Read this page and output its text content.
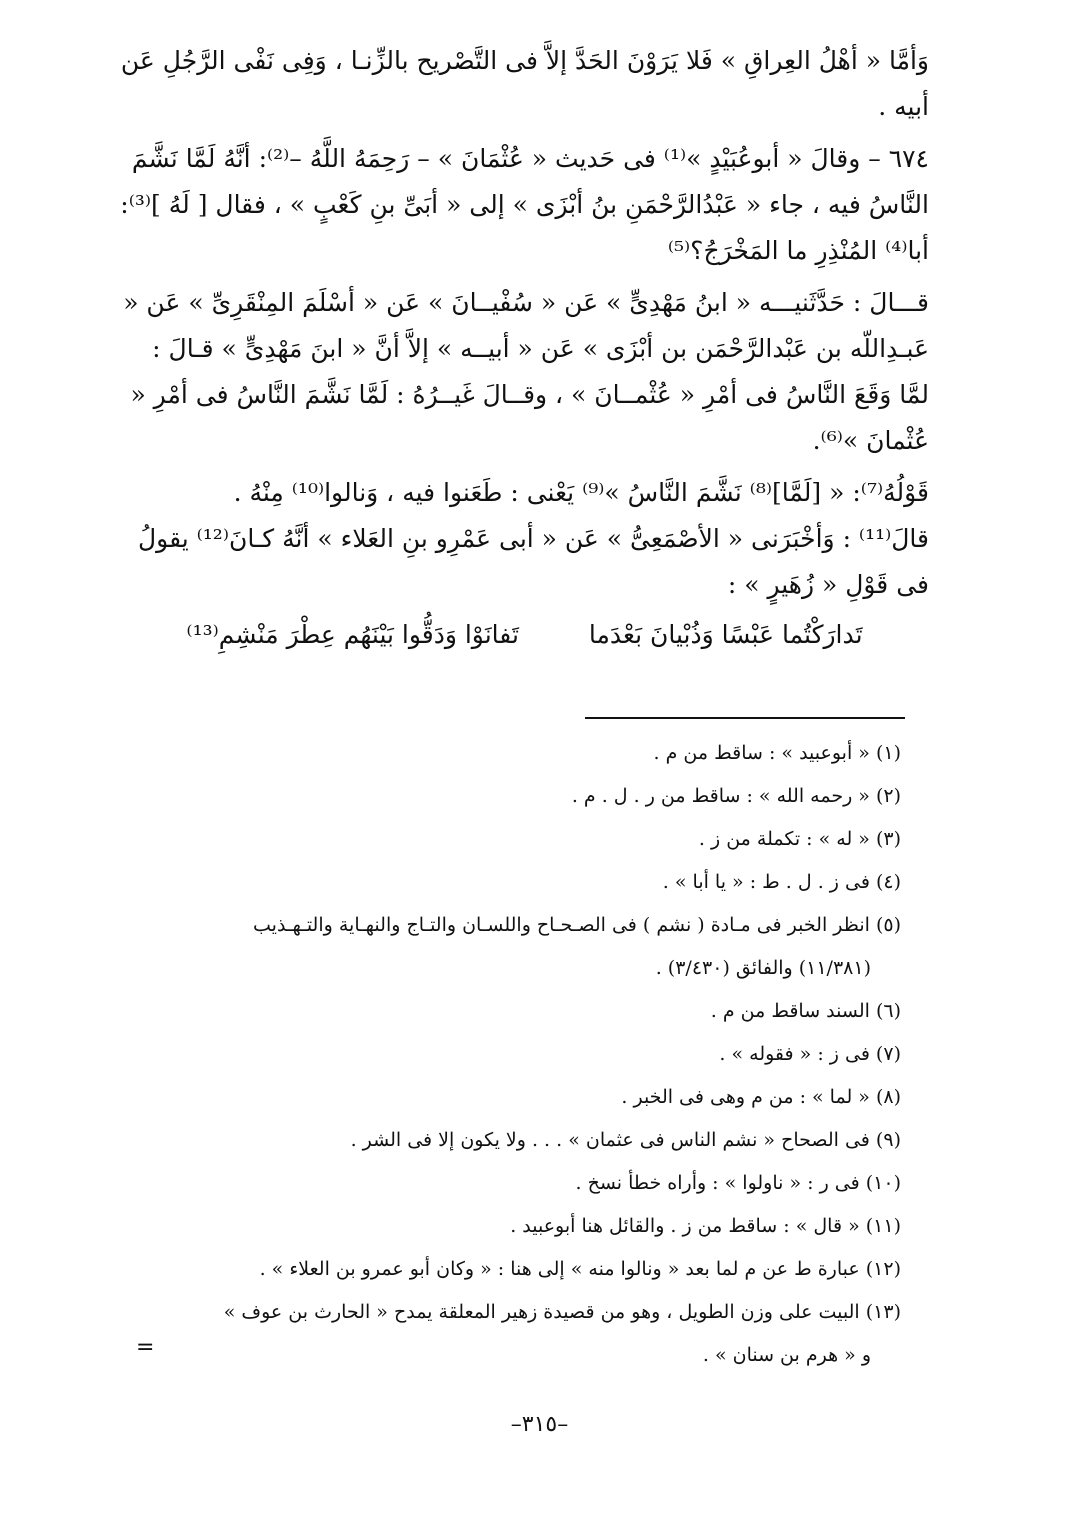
وَأمَّا « أهْلُ العِراقِ » فَلا يَرَوْنَ الحَدَّ إلاَّ فى التَّصْريح بالزِّنـا ، وَفِى نَفْى الرَّجُلِ عَن أبيه .

٦٧٤ – وقالَ « أبوعُبَيْدٍ »⁽¹⁾ فى حَديث « عُثْمَانَ » – رَحِمَهُ اللَّهُ –⁽²⁾: أنَّهُ لَمَّا نَشَّمَ النَّاسُ فيه ، جاء « عَبْدُالرَّحْمَنِ بنُ أبْزَى » إلى « أبَىِّ بنِ كَعْبٍ » ، فقال [ لَهُ ]⁽³⁾: أبا⁽⁴⁾ المُنْذِرِ ما المَخْرَجُ؟⁽⁵⁾

قـــالَ : حَدَّثَنيـــه « ابنُ مَهْدِىٍّ » عَن « سُفْيــانَ » عَن « أسْلَمَ المِنْقَرِىِّ » عَن « عَبـدِاللّه بن عَبْدالرَّحْمَن بن أبْزَى » عَن « أبيــه » إلاَّ أنَّ « ابنَ مَهْدِىٍّ » قـالَ : لمَّا وَقَعَ النَّاسُ فى أمْرِ « عُثْمــانَ » ، وقــالَ غَيــرُهُ : لَمَّا نَشَّمَ النَّاسُ فى أمْرِ « عُثْمانَ »⁽⁶⁾.

قَوْلُهُ⁽⁷⁾: « [لَمَّا]⁽⁸⁾ نَشَّمَ النَّاسُ »⁽⁹⁾ يَعْنى : طَعَنوا فيه ، وَنالوا⁽¹⁰⁾ مِنْهُ .

قالَ⁽¹¹⁾ : وَأخْبَرَنى « الأصْمَعِىُّ » عَن « أبى عَمْرِو بنِ العَلاء » أنَّهُ كـانَ⁽¹²⁾ يقولُ فى قَوْلِ « زُهَيرٍ » :

تَدارَكْتُما عَبْسًا وَذُبْيانَ بَعْدَما
تَفانَوْا وَدَقُّوا بَيْنَهُم عِطْرَ مَنْشِمِ⁽¹³⁾

(١) « أبوعبيد » : ساقط من م .

(٢) « رحمه الله » : ساقط من ر . ل . م .

(٣) « له » : تكملة من ز .

(٤) فى ز . ل . ط : « يا أبا » .

(٥) انظر الخبر فى مـادة ( نشم ) فى الصـحـاح واللسـان والتـاج والنهـاية والتـهـذيب

(١١/٣٨١) والفائق (٣/٤٣٠) .

(٦) السند ساقط من م .

(٧) فى ز : « فقوله » .

(٨) « لما » : من م وهى فى الخبر .

(٩) فى الصحاح « نشم الناس فى عثمان » . . . ولا يكون إلا فى الشر .

(١٠) فى ر : « ناولوا » : وأراه خطأ نسخ .

(١١) « قال » : ساقط من ز . والقائل هنا أبوعبيد .

(١٢) عبارة ط عن م لما بعد « ونالوا منه » إلى هنا : « وكان أبو عمرو بن العلاء » .

(١٣) البيت على وزن الطويل ، وهو من قصيدة زهير المعلقة يمدح « الحارث بن عوف »

و « هرم بن سنان » .

=
–٣١٥–
